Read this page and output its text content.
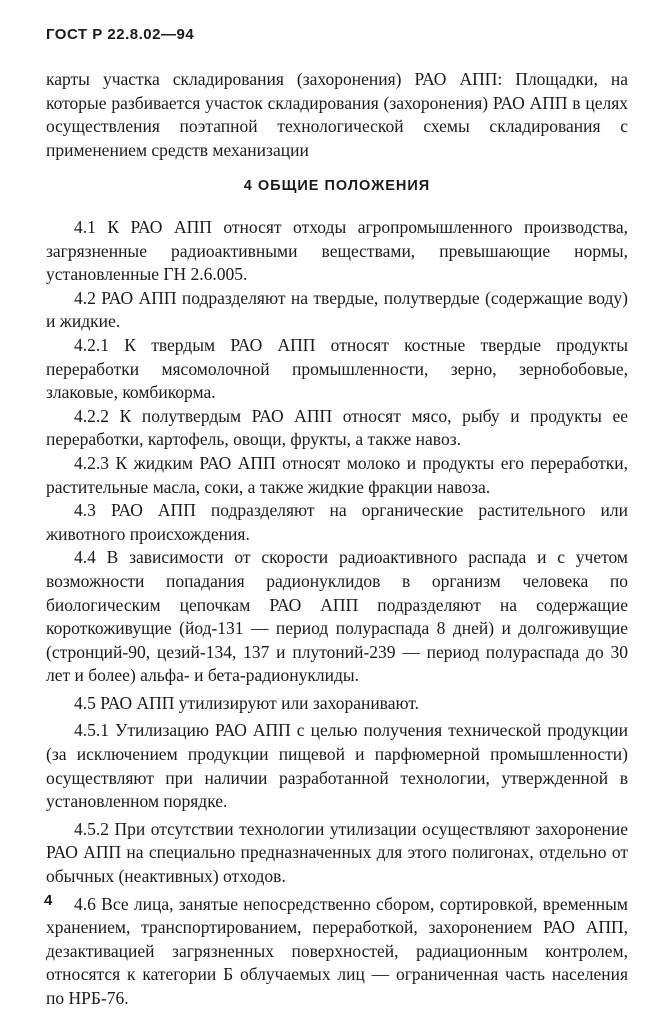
ГОСТ Р 22.8.02—94
карты участка складирования (захоронения) РАО АПП: Площадки, на которые разбивается участок складирования (захоронения) РАО АПП в целях осуществления поэтапной технологической схемы складирования с применением средств механизации
4 ОБЩИЕ ПОЛОЖЕНИЯ

4.1 К РАО АПП относят отходы агропромышленного производства, загрязненные радиоактивными веществами, превышающие нормы, установленные ГН 2.6.005.

4.2 РАО АПП подразделяют на твердые, полутвердые (содержащие воду) и жидкие.

4.2.1 К твердым РАО АПП относят костные твердые продукты переработки мясомолочной промышленности, зерно, зернобобовые, злаковые, комбикорма.

4.2.2 К полутвердым РАО АПП относят мясо, рыбу и продукты ее переработки, картофель, овощи, фрукты, а также навоз.

4.2.3 К жидким РАО АПП относят молоко и продукты его переработки, растительные масла, соки, а также жидкие фракции навоза.

4.3 РАО АПП подразделяют на органические растительного или животного происхождения.

4.4 В зависимости от скорости радиоактивного распада и с учетом возможности попадания радионуклидов в организм человека по биологическим цепочкам РАО АПП подразделяют на содержащие короткоживущие (йод-131 — период полураспада 8 дней) и долгоживущие (стронций-90, цезий-134, 137 и плутоний-239 — период полураспада до 30 лет и более) альфа- и бета-радионуклиды.

4.5 РАО АПП утилизируют или захоранивают.

4.5.1 Утилизацию РАО АПП с целью получения технической продукции (за исключением продукции пищевой и парфюмерной промышленности) осуществляют при наличии разработанной технологии, утвержденной в установленном порядке.

4.5.2 При отсутствии технологии утилизации осуществляют захоронение РАО АПП на специально предназначенных для этого полигонах, отдельно от обычных (неактивных) отходов.

4.6 Все лица, занятые непосредственно сбором, сортировкой, временным хранением, транспортированием, переработкой, захоронением РАО АПП, дезактивацией загрязненных поверхностей, радиационным контролем, относятся к категории Б облучаемых лиц — ограниченная часть населения по НРБ-76.

4
